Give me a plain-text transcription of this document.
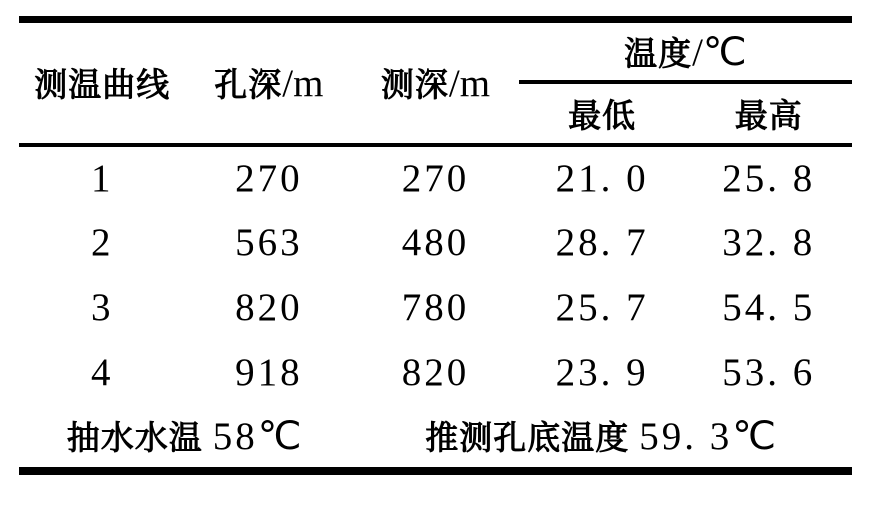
测温曲线	孔深/m	测深/m	温度/℃	
			最低	最高
1	270	270	21. 0	25. 8
2	563	480	28. 7	32. 8
3	820	780	25. 7	54. 5
4	918	820	23. 9	53. 6
抽水水温 58℃		推测孔底温度 59. 3℃		
